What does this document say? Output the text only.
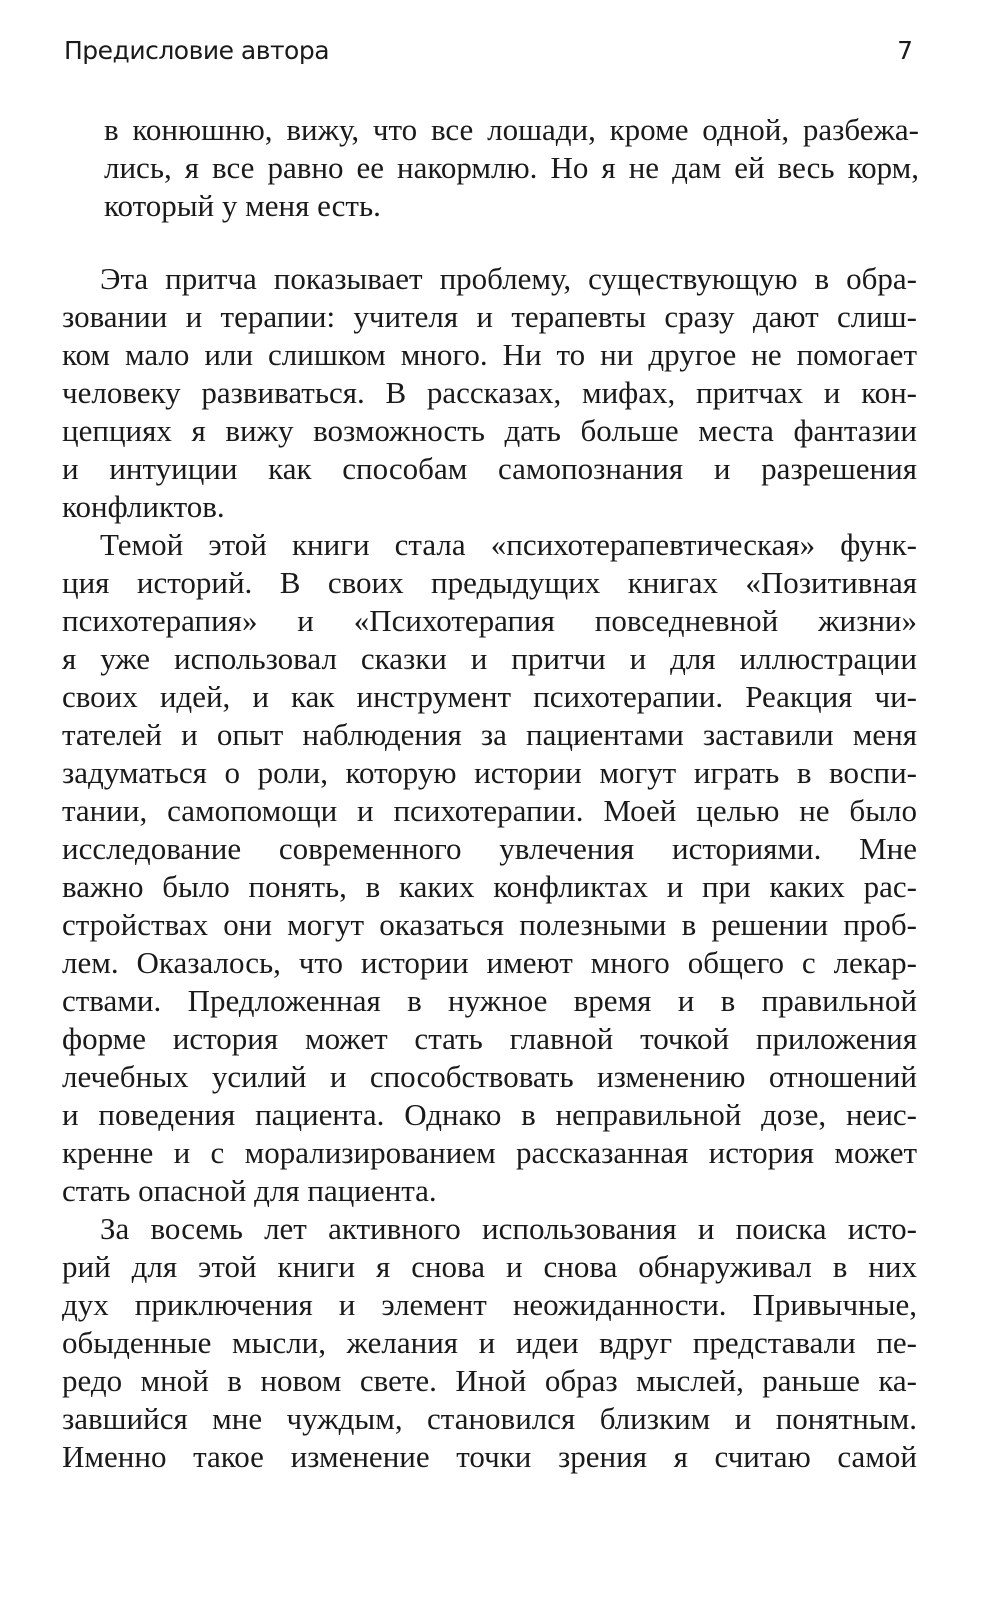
Предисловие автора	7
в конюшню, вижу, что все лошади, кроме одной, разбежа-
лись, я все равно ее накормлю. Но я не дам ей весь корм,
который у меня есть.
Эта притча показывает проблему, существующую в обра-
зовании и терапии: учителя и терапевты сразу дают слиш-
ком мало или слишком много. Ни то ни другое не помогает
человеку развиваться. В рассказах, мифах, притчах и кон-
цепциях я вижу возможность дать больше места фантазии
и интуиции как способам самопознания и разрешения
конфликтов.
Темой этой книги стала «психотерапевтическая» функ-
ция историй. В своих предыдущих книгах «Позитивная
психотерапия» и «Психотерапия повседневной жизни»
я уже использовал сказки и притчи и для иллюстрации
своих идей, и как инструмент психотерапии. Реакция чи-
тателей и опыт наблюдения за пациентами заставили меня
задуматься о роли, которую истории могут играть в воспи-
тании, самопомощи и психотерапии. Моей целью не было
исследование современного увлечения историями. Мне
важно было понять, в каких конфликтах и при каких рас-
стройствах они могут оказаться полезными в решении проб-
лем. Оказалось, что истории имеют много общего с лекар-
ствами. Предложенная в нужное время и в правильной
форме история может стать главной точкой приложения
лечебных усилий и способствовать изменению отношений
и поведения пациента. Однако в неправильной дозе, неис-
кренне и с морализированием рассказанная история может
стать опасной для пациента.
За восемь лет активного использования и поиска исто-
рий для этой книги я снова и снова обнаруживал в них
дух приключения и элемент неожиданности. Привычные,
обыденные мысли, желания и идеи вдруг представали пе-
редо мной в новом свете. Иной образ мыслей, раньше ка-
завшийся мне чуждым, становился близким и понятным.
Именно такое изменение точки зрения я считаю самой
